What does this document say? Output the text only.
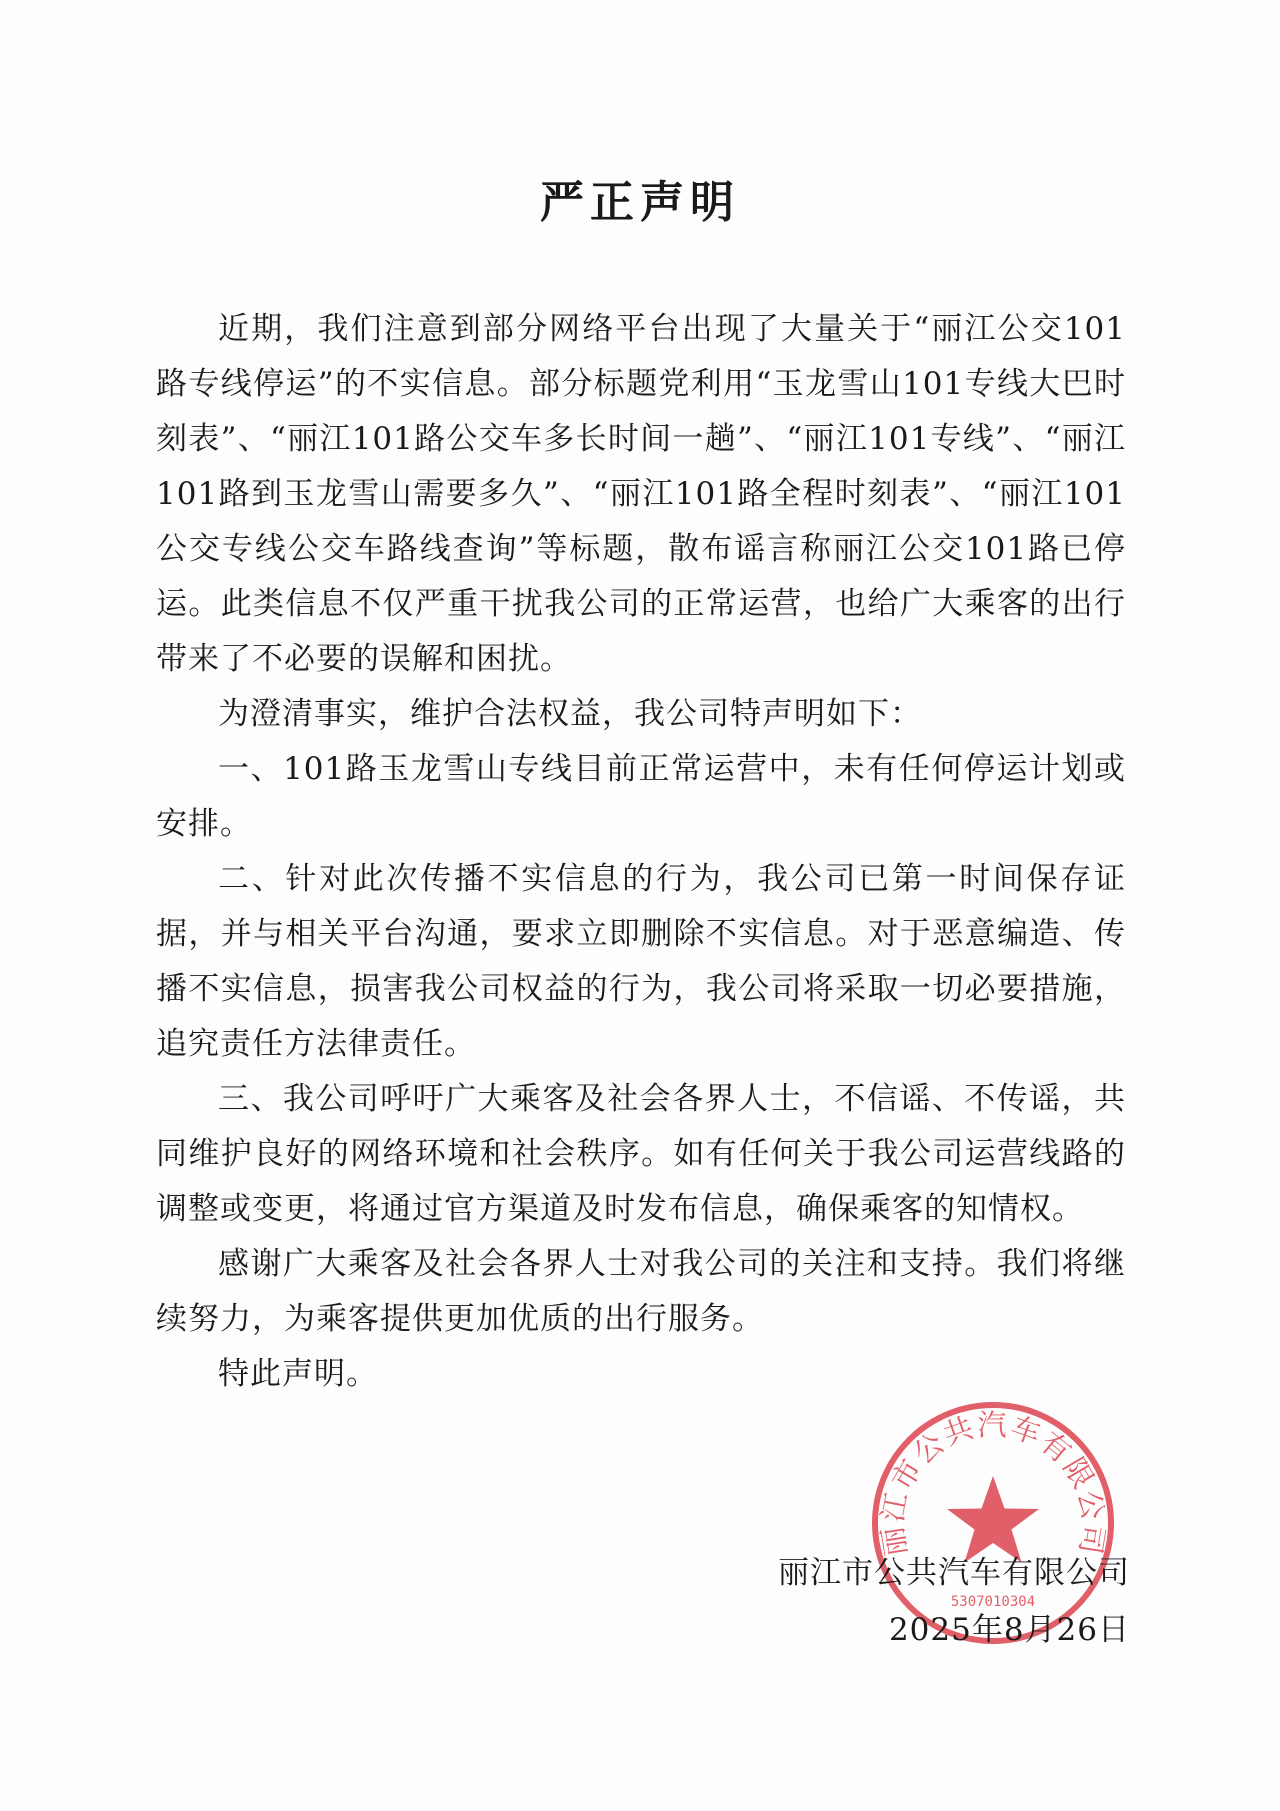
严正声明

近期，我们注意到部分网络平台出现了大量关于“丽江公交101路专线停运”的不实信息。部分标题党利用“玉龙雪山101专线大巴时刻表”、“丽江101路公交车多长时间一趟”、“丽江101专线”、“丽江101路到玉龙雪山需要多久”、“丽江101路全程时刻表”、“丽江101公交专线公交车路线查询”等标题，散布谣言称丽江公交101路已停运。此类信息不仅严重干扰我公司的正常运营，也给广大乘客的出行带来了不必要的误解和困扰。

为澄清事实，维护合法权益，我公司特声明如下：

一、101路玉龙雪山专线目前正常运营中，未有任何停运计划或安排。

二、针对此次传播不实信息的行为，我公司已第一时间保存证据，并与相关平台沟通，要求立即删除不实信息。对于恶意编造、传播不实信息，损害我公司权益的行为，我公司将采取一切必要措施，追究责任方法律责任。

三、我公司呼吁广大乘客及社会各界人士，不信谣、不传谣，共同维护良好的网络环境和社会秩序。如有任何关于我公司运营线路的调整或变更，将通过官方渠道及时发布信息，确保乘客的知情权。

感谢广大乘客及社会各界人士对我公司的关注和支持。我们将继续努力，为乘客提供更加优质的出行服务。

特此声明。

丽江市公共汽车有限公司
5307010304
丽江市公共汽车有限公司
2025年8月26日
